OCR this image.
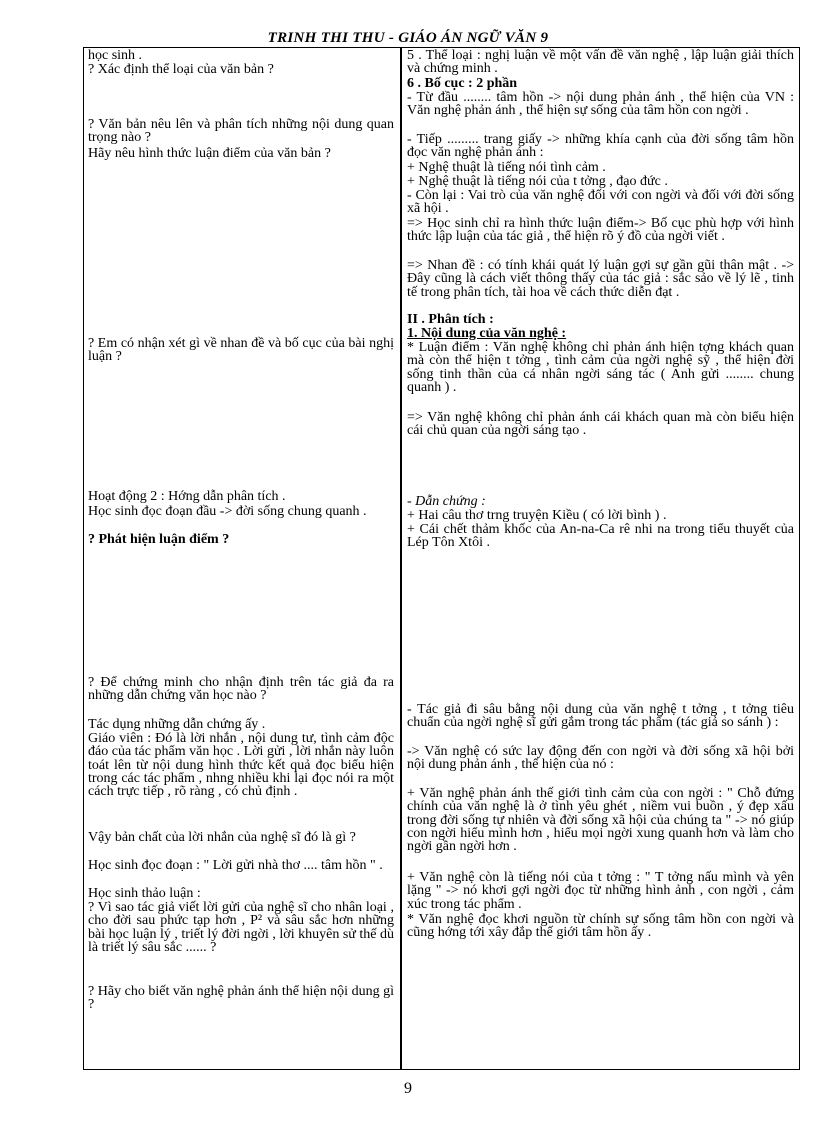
TRINH THI THU - GIÁO ÁN NGỮ VĂN 9

học sinh .

? Xác định thể loại của văn bản ?

? Văn bản nêu lên và phân tích những nội dung quan trọng nào ?

Hãy nêu hình thức luận điểm của văn bản ?

? Em có nhận xét gì về nhan đề và bố cục của bài nghị luận ?

Hoạt động 2 : Hớng dẫn phân tích .

Học sinh đọc đoạn đầu -> đời sống chung quanh .

? Phát hiện luận điểm ?

? Để chứng minh cho nhận định trên tác giả đa ra những dẫn chứng văn học nào ?

Tác dụng những dẫn chứng ấy .

Giáo viên : Đó là lời nhắn , nội dung tư, tình cảm độc đáo của tác phẩm văn học . Lời gửi , lời nhắn này luôn toát lên từ nội dung hình thức kết quả đọc biểu hiện trong các tác phẩm , nhng nhiều khi lại đọc nói ra một cách trực tiếp , rõ ràng , có chủ định .

Vậy bản chất của lời nhắn của nghệ sĩ đó là gì ?

Học sinh đọc đoạn : " Lời gửi nhà thơ .... tâm hồn " .

Học sinh thảo luận :

? Vì sao tác giả viết lời gửi của nghệ sĩ cho nhân loại , cho đời sau phức tạp hơn , P² và sâu sắc hơn những bài học luận lý , triết lý đời ngời , lời khuyên sử thế dù là triết lý sâu sắc ...... ?

? Hãy cho biết văn nghệ phản ánh thể hiện nội dung gì ?

5 . Thể loại : nghị luận về một vấn đề văn nghệ , lập luận giải thích và chứng minh .

6 . Bố cục : 2 phần

- Từ đầu ........ tâm hồn -> nội dung phản ánh , thể hiện của VN : Văn nghệ phản ánh , thể hiện sự sống của tâm hồn con ngời .

- Tiếp ......... trang giấy -> những khía cạnh của đời sống tâm hồn đọc văn nghệ phản ánh :

+ Nghệ thuật là tiếng nói tình cảm .

+ Nghệ thuật là tiếng nói của t tởng , đạo đức .

- Còn lại : Vai trò của văn nghệ đối với con ngời và đối với đời sống xã hội .

=> Học sinh chỉ ra hình thức luận điểm-> Bố cục phù hợp với hình thức lập luận của tác giả , thể hiện rõ ý đồ của ngời viết .

=> Nhan đề : có tính khái quát lý luận gợi sự gần gũi thân mật . -> Đây cũng là cách viết thông thấy của tác giả : sắc sảo về lý lẽ , tinh tế trong phân tích, tài hoa về cách thức diễn đạt .

II . Phân tích :

1. Nội dung của văn nghệ :

* Luận điểm : Văn nghệ không chỉ phản ánh hiện tợng khách quan mà còn thể hiện t tởng , tình cảm của ngời nghệ sỹ , thể hiện đời sống tinh thần của cá nhân ngời sáng tác ( Anh gửi ........ chung quanh ) .

=> Văn nghệ không chỉ phản ánh cái khách quan mà còn biểu hiện cái chủ quan của ngời sáng tạo .

- Dẫn chứng :

+ Hai câu thơ trng truyện Kiều ( có lời bình ) .

+ Cái chết thảm khốc của An-na-Ca rê nhi na trong tiểu thuyết của Lép Tôn Xtôi .

- Tác giả đi sâu bằng nội dung của văn nghệ t tởng , t tởng tiêu chuẩn của ngời nghệ sĩ gửi gắm trong tác phẩm (tác giả so sánh ) :

-> Văn nghệ có sức lay động đến con ngời và đời sống xã hội bởi nội dung phản ánh , thể hiện của nó :

+ Văn nghệ phản ánh thế giới tình cảm của con ngời : " Chỗ đứng chính của văn nghệ là ở tình yêu ghét , niềm vui buồn , ý đẹp xấu trong đời sống tự nhiên và đời sống xã hội của chúng ta " -> nó giúp con ngời hiểu mình hơn , hiểu mọi ngời xung quanh hơn và làm cho ngời gần ngời hơn .

+ Văn nghệ còn là tiếng nói của t tởng : " T tởng nấu mình và yên lặng " -> nó khơi gợi ngời đọc từ những hình ảnh , con ngời , cảm xúc trong tác phẩm .

* Văn nghệ đọc khơi nguồn từ chính sự sống tâm hồn con ngời và cũng hớng tới xây đắp thế giới tâm hồn ấy .

9
